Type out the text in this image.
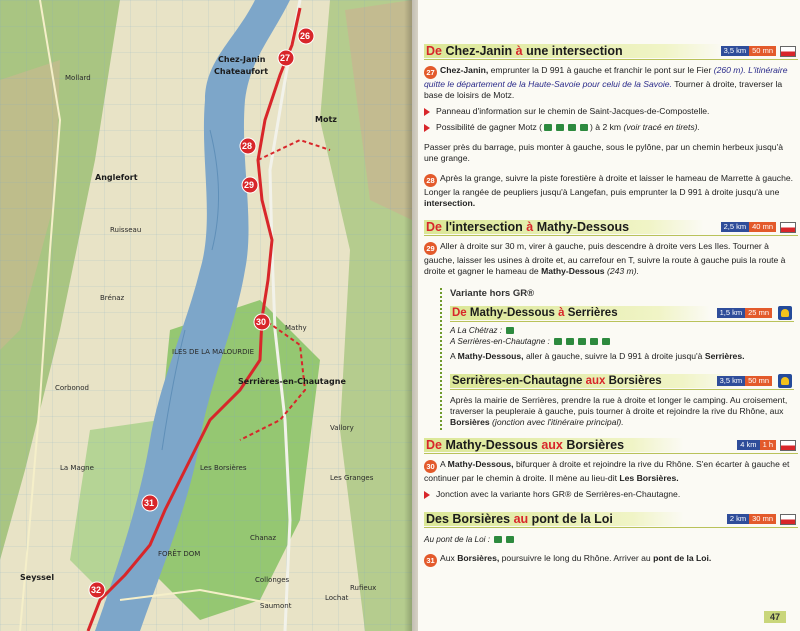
Chez-Janin
Chateaufort
Motz
Mollard
Anglefort
Ruisseau
Mathy
Brénaz
Corbonod
Serrières-en-Chautagne
ILES DE LA MALOURDIE
FORÊT DOM
Seyssel
Vallory
Les Granges
Chanaz
Collonges
Lochat
Rufieux
Saumont
La Magne	Les Borsières
26
27
28
29
30
31
32
De Chez-Janin à une intersection	3,5 km 50 mn

27 Chez-Janin, emprunter la D 991 à gauche et franchir le pont sur le Fier (260 m). L'itinéraire quitte le département de la Haute-Savoie pour celui de la Savoie. Tourner à droite, traverser la base de loisirs de Motz.

Panneau d'information sur le chemin de Saint-Jacques-de-Compostelle.
Possibilité de gagner Motz (	) à 2 km (voir tracé en tirets).

Passer près du barrage, puis monter à gauche, sous le pylône, par un chemin herbeux jusqu'à une grange.

28 Après la grange, suivre la piste forestière à droite et laisser le hameau de Marrette à gauche. Longer la rangée de peupliers jusqu'à Langefan, puis emprunter la D 991 à droite jusqu'à une intersection.

De l'intersection à Mathy-Dessous	2,5 km 40 mn

29 Aller à droite sur 30 m, virer à gauche, puis descendre à droite vers Les Iles. Tourner à gauche, laisser les usines à droite et, au carrefour en T, suivre la route à gauche puis la route à droite et gagner le hameau de Mathy-Dessous (243 m).

Variante hors GR®
De Mathy-Dessous à Serrières	1,5 km 25 mn
A La Chétraz :
A Serrières-en-Chautagne :

A Mathy-Dessous, aller à gauche, suivre la D 991 à droite jusqu'à Serrières.

Serrières-en-Chautagne aux Borsières	3,5 km 50 mn

Après la mairie de Serrières, prendre la rue à droite et longer le camping. Au croisement, traverser la peupleraie à gauche, puis tourner à droite et rejoindre la rive du Rhône, aux Borsières (jonction avec l'itinéraire principal).

De Mathy-Dessous aux Borsières	4 km 1 h

30 A Mathy-Dessous, bifurquer à droite et rejoindre la rive du Rhône. S'en écarter à gauche et continuer par le chemin à droite. Il mène au lieu-dit Les Borsières.

Jonction avec la variante hors GR® de Serrières-en-Chautagne.
Des Borsières au pont de la Loi	2 km 30 mn
Au pont de la Loi :

31 Aux Borsières, poursuivre le long du Rhône. Arriver au pont de la Loi.

47
